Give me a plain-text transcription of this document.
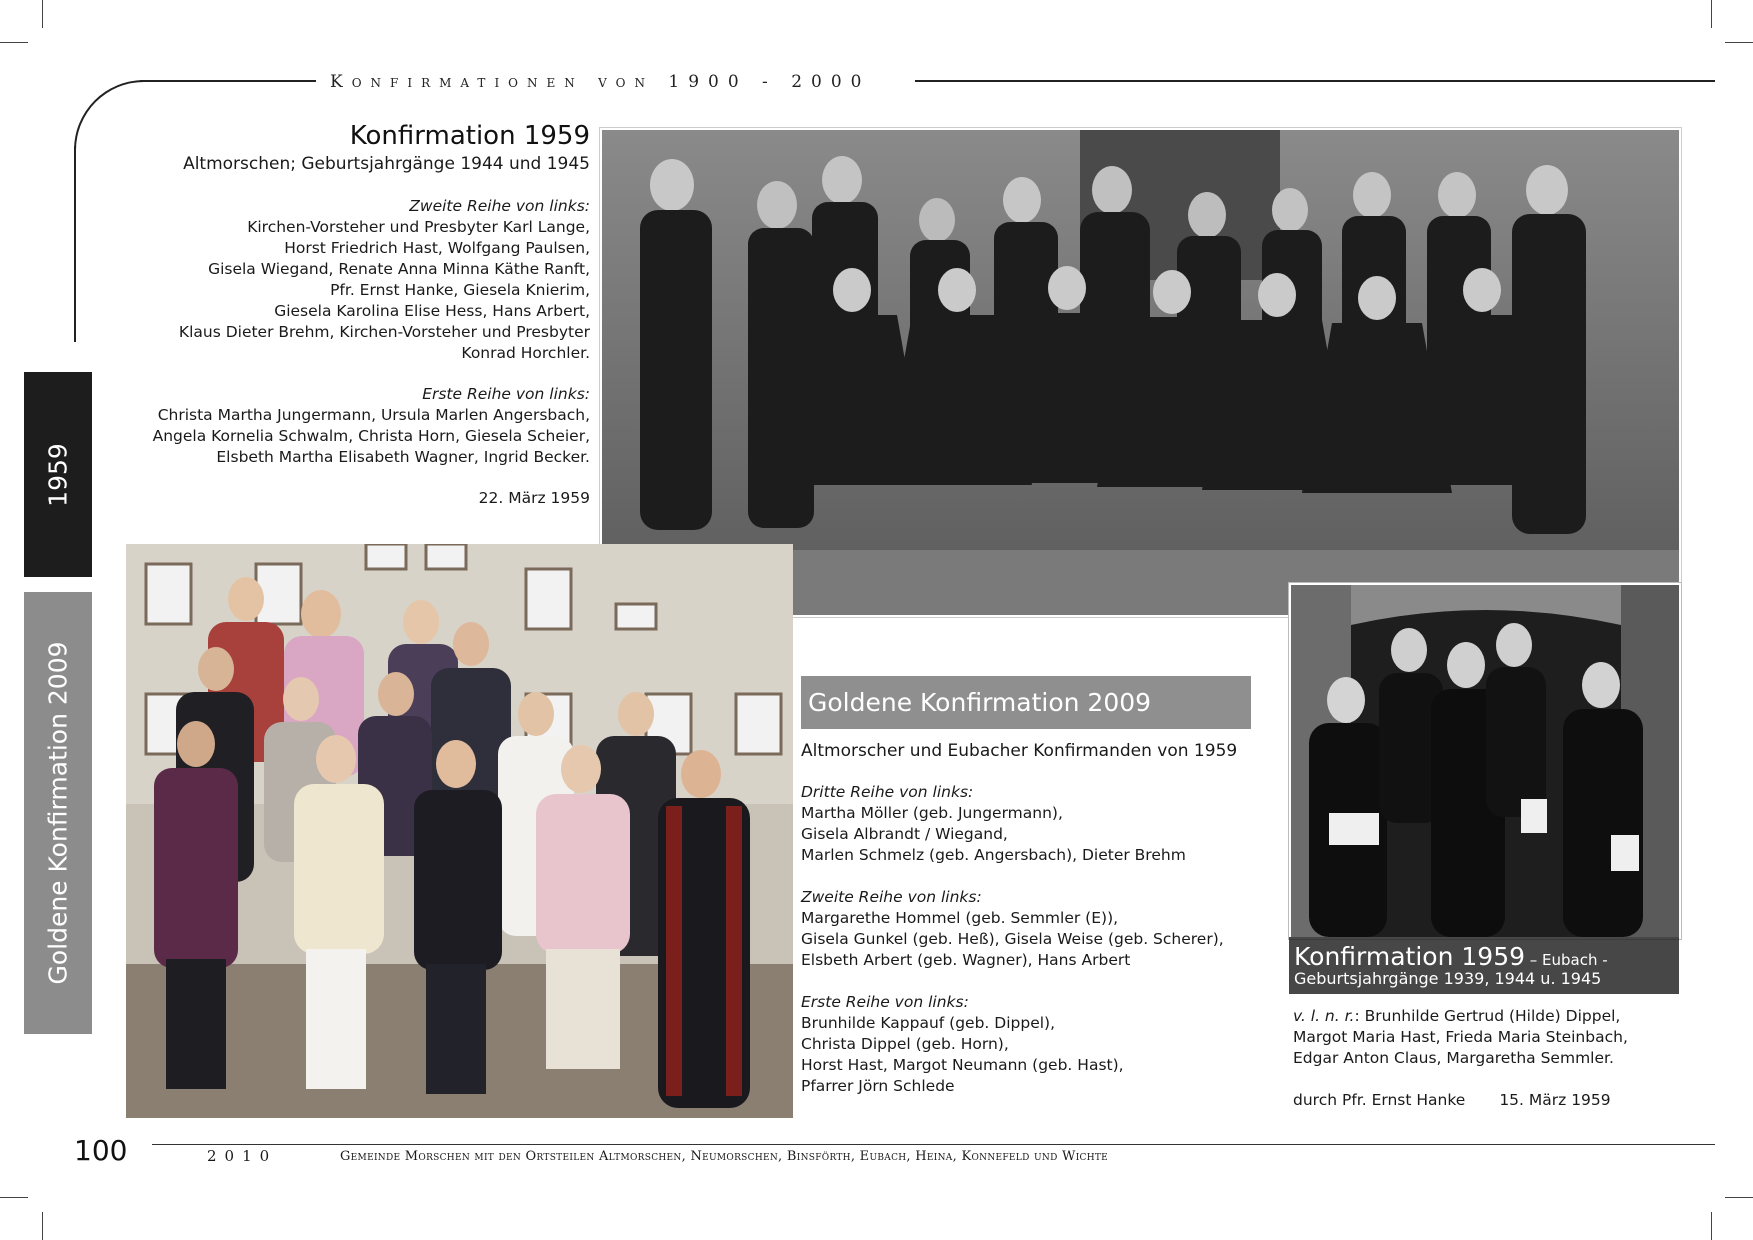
Konfirmationen von 1900 - 2000
1959
Goldene Konfirmation 2009
Konfirmation 1959
Altmorschen; Geburtsjahrgänge 1944 und 1945

Zweite Reihe von links:
Kirchen-Vorsteher und Presbyter Karl Lange,
Horst Friedrich Hast, Wolfgang Paulsen,
Gisela Wiegand, Renate Anna Minna Käthe Ranft,
Pfr. Ernst Hanke, Giesela Knierim,
Giesela Karolina Elise Hess, Hans Arbert,
Klaus Dieter Brehm, Kirchen-Vorsteher und Presbyter
Konrad Horchler.

Erste Reihe von links:
Christa Martha Jungermann, Ursula Marlen Angersbach,
Angela Kornelia Schwalm, Christa Horn, Giesela Scheier,
Elsbeth Martha Elisabeth Wagner, Ingrid Becker.

22. März 1959

Goldene Konfirmation 2009

Altmorscher und Eubacher Konfirmanden von 1959

Dritte Reihe von links:
Martha Möller (geb. Jungermann),
Gisela Albrandt / Wiegand,
Marlen Schmelz (geb. Angersbach), Dieter Brehm

Zweite Reihe von links:
Margarethe Hommel (geb. Semmler (E)),
Gisela Gunkel (geb. Heß), Gisela Weise (geb. Scherer),
Elsbeth Arbert (geb. Wagner), Hans Arbert

Erste Reihe von links:
Brunhilde Kappauf (geb. Dippel),
Christa Dippel (geb. Horn),
Horst Hast, Margot Neumann (geb. Hast),
Pfarrer Jörn Schlede

Konfirmation 1959 – Eubach -
Geburtsjahrgänge 1939, 1944 u. 1945

v. l. n. r.: Brunhilde Gertrud (Hilde) Dippel,
Margot Maria Hast, Frieda Maria Steinbach,
Edgar Anton Claus, Margaretha Semmler.

durch Pfr. Ernst Hanke 15. März 1959

100	2010	Gemeinde Morschen mit den Ortsteilen Altmorschen, Neumorschen, Binsförth, Eubach, Heina, Konnefeld und Wichte
